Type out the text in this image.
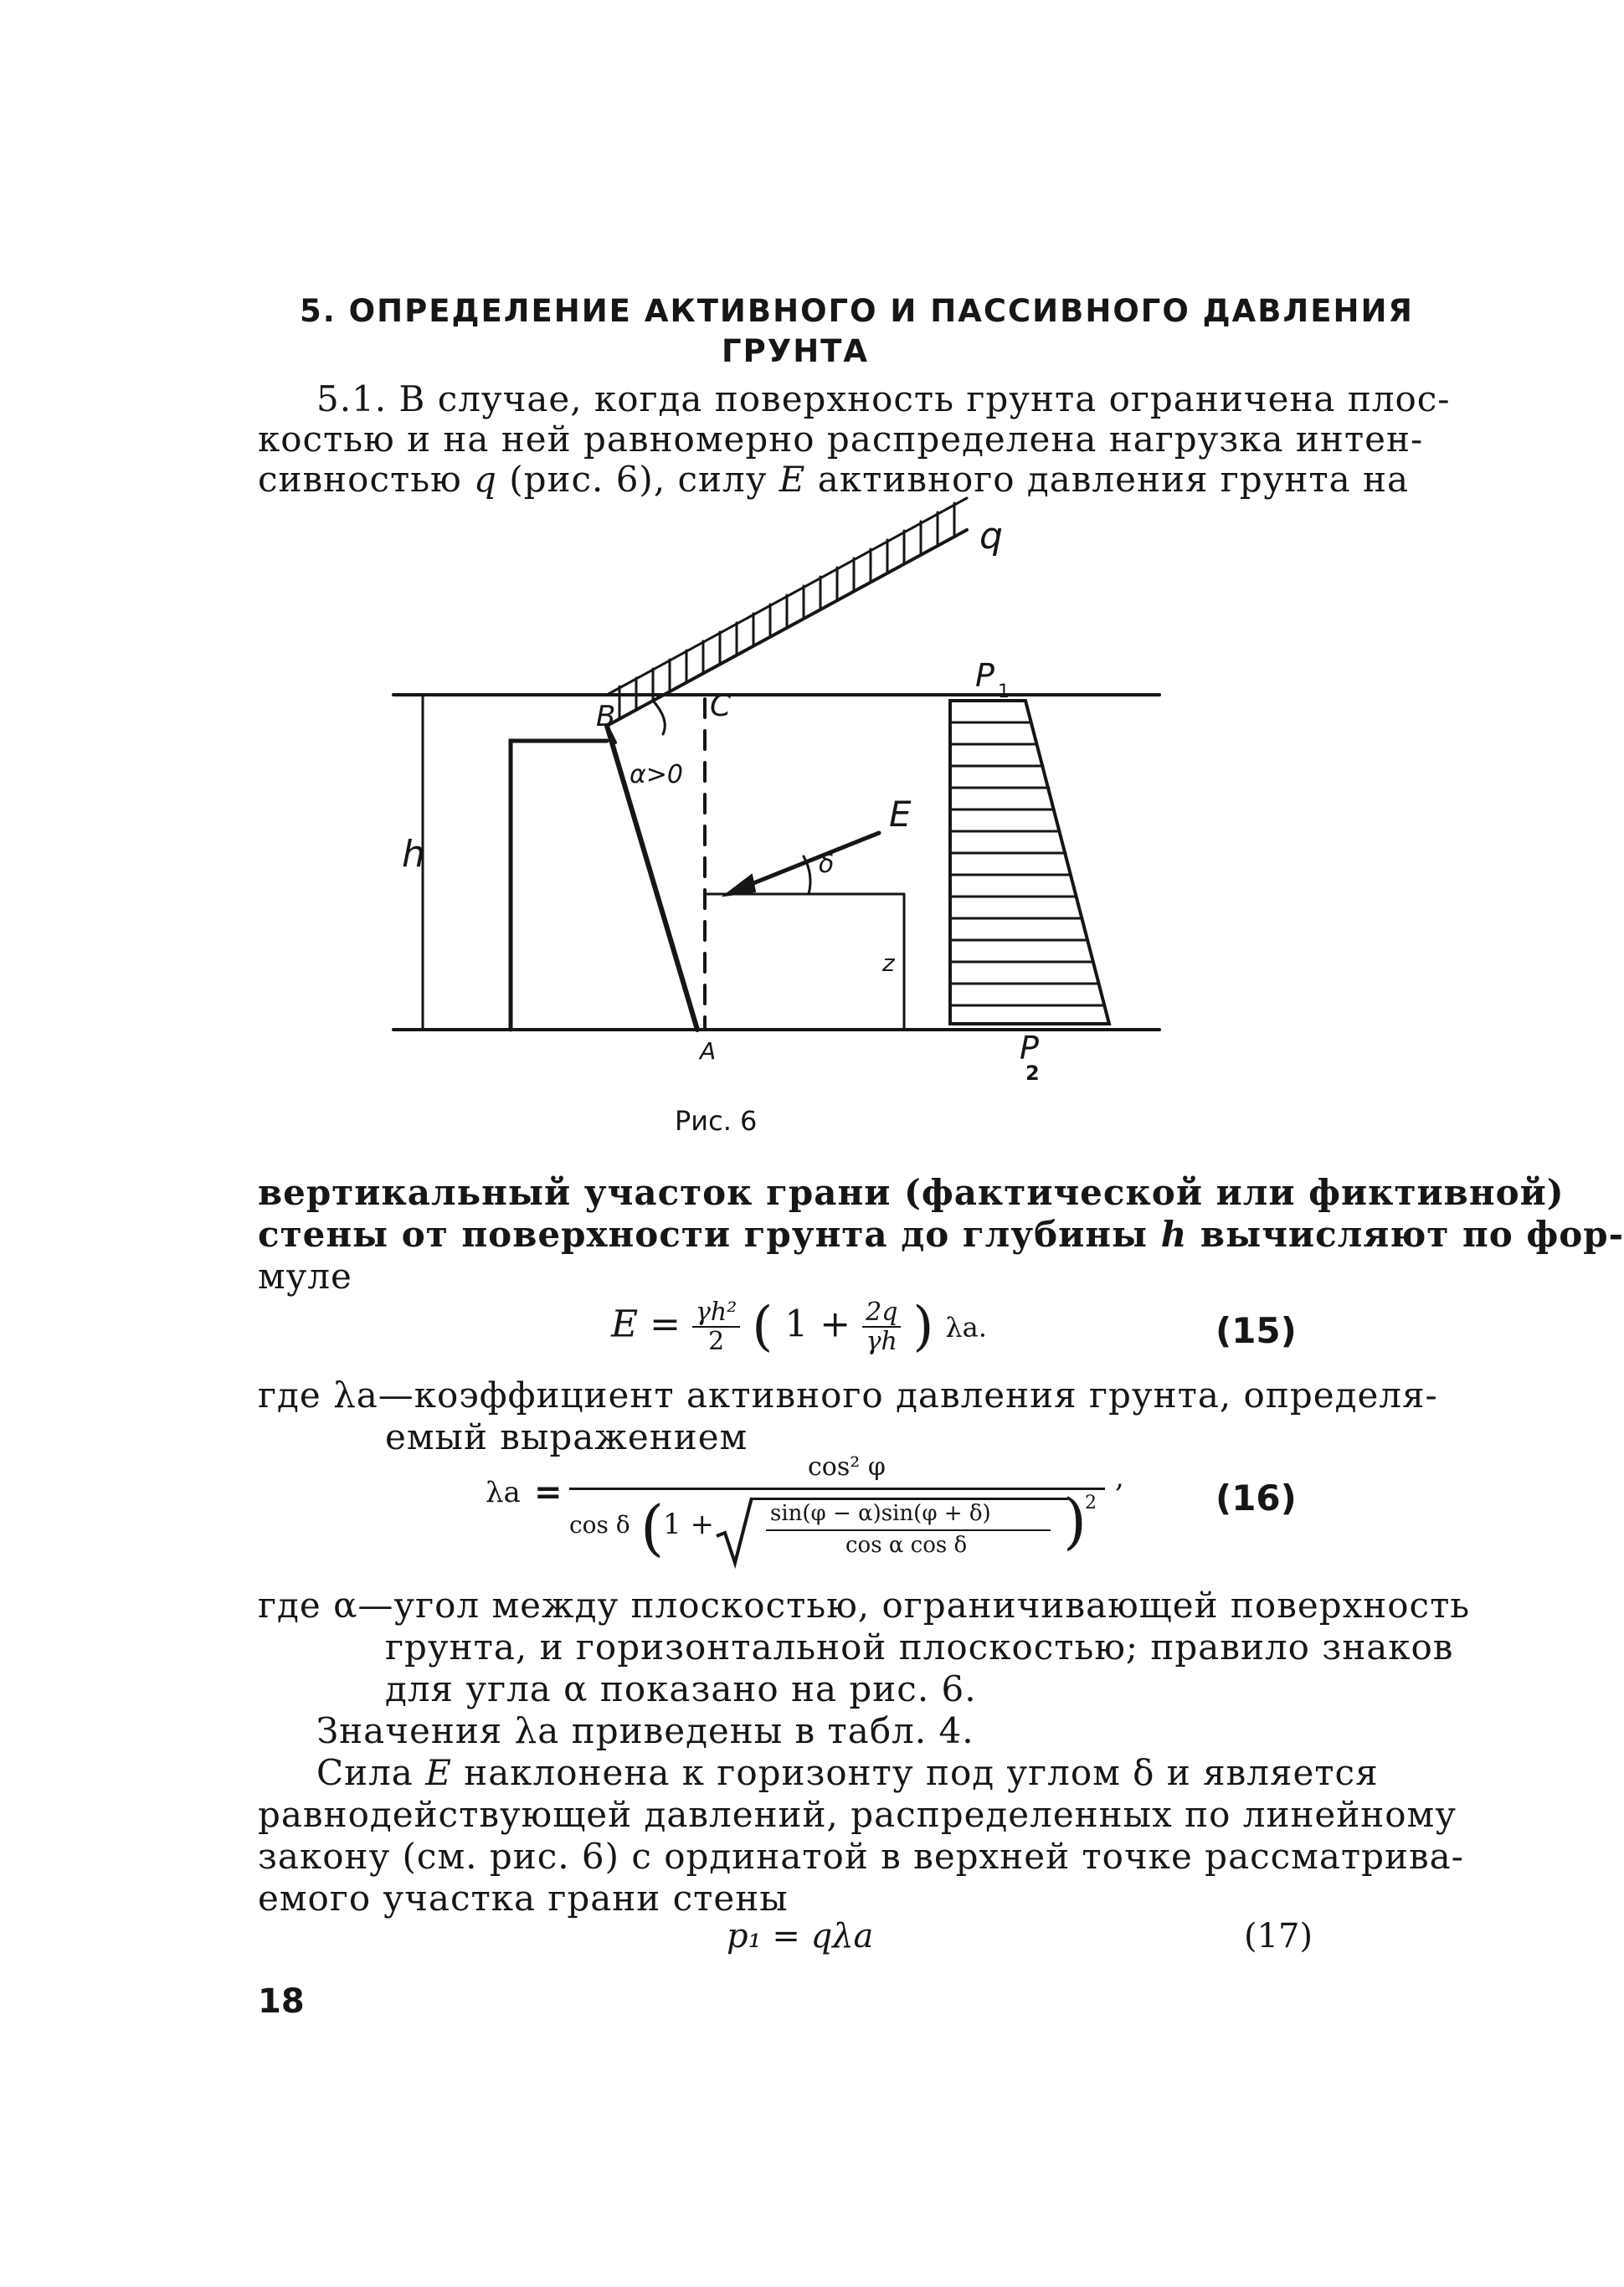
5. ОПРЕДЕЛЕНИЕ АКТИВНОГО И ПАССИВНОГО ДАВЛЕНИЯ
ГРУНТА
5.1. В случае, когда поверхность грунта ограничена плос-
костью и на ней равномерно распределена нагрузка интен-
сивностью q (рис. 6), силу E активного давления грунта на
q
B	C
P 1
α>0
E
δ
h
z
A	P
2
Рис. 6
вертикальный участок грани (фактической или фиктивной)
стены от поверхности грунта до глубины h вычисляют по фор-
муле
$E = \frac{\text{γh²}}{2}$ ( $1 + \frac{2q}{\gamma h}$ ) λа.	(15)
где λа—коэффициент активного давления грунта, определя-
емый выражением
λа =
cos² φ
cos δ (
1 +	sin(φ − α)sin(φ + δ)
cos α cos δ )
2
,	(16)
где α—угол между плоскостью, ограничивающей поверхность
грунта, и горизонтальной плоскостью; правило знаков
для угла α показано на рис. 6.
Значения λа приведены в табл. 4.
Сила E наклонена к горизонту под углом δ и является
равнодействующей давлений, распределенных по линейному
закону (см. рис. 6) с ординатой в верхней точке рассматрива-
емого участка грани стены
p₁ = qλа	(17)
18
